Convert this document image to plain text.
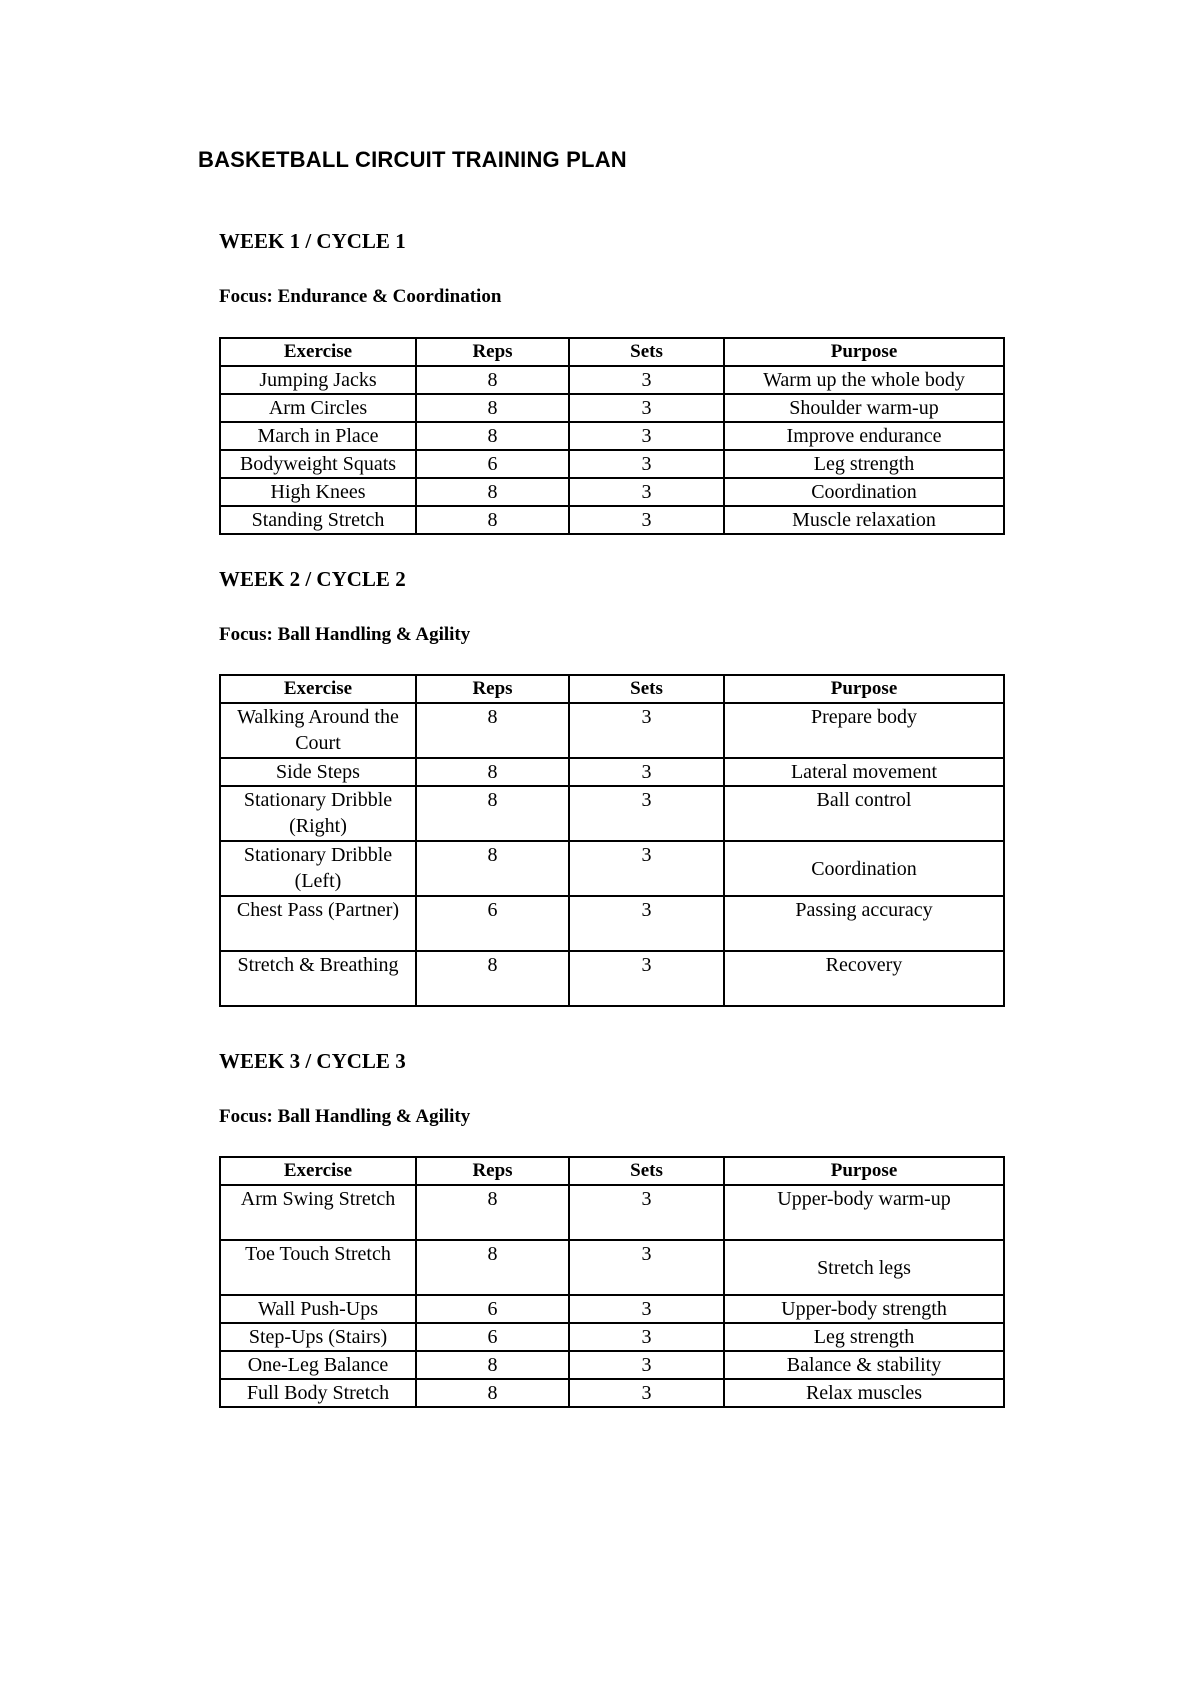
BASKETBALL CIRCUIT TRAINING PLAN
WEEK 1 / CYCLE 1

Focus: Endurance & Coordination

Exercise	Reps	Sets	Purpose
Jumping Jacks	8	3	Warm up the whole body
Arm Circles	8	3	Shoulder warm-up
March in Place	8	3	Improve endurance
Bodyweight Squats	6	3	Leg strength
High Knees	8	3	Coordination
Standing Stretch	8	3	Muscle relaxation
WEEK 2 / CYCLE 2

Focus: Ball Handling & Agility

Exercise	Reps	Sets	Purpose
Walking Around the Court	8	3	Prepare body
Side Steps	8	3	Lateral movement
Stationary Dribble (Right)	8	3	Ball control
Stationary Dribble (Left)	8	3	Coordination
Chest Pass (Partner)	6	3	Passing accuracy
Stretch & Breathing	8	3	Recovery
WEEK 3 / CYCLE 3

Focus: Ball Handling & Agility

Exercise	Reps	Sets	Purpose
Arm Swing Stretch	8	3	Upper-body warm-up
Toe Touch Stretch	8	3	Stretch legs
Wall Push-Ups	6	3	Upper-body strength
Step-Ups (Stairs)	6	3	Leg strength
One-Leg Balance	8	3	Balance & stability
Full Body Stretch	8	3	Relax muscles
